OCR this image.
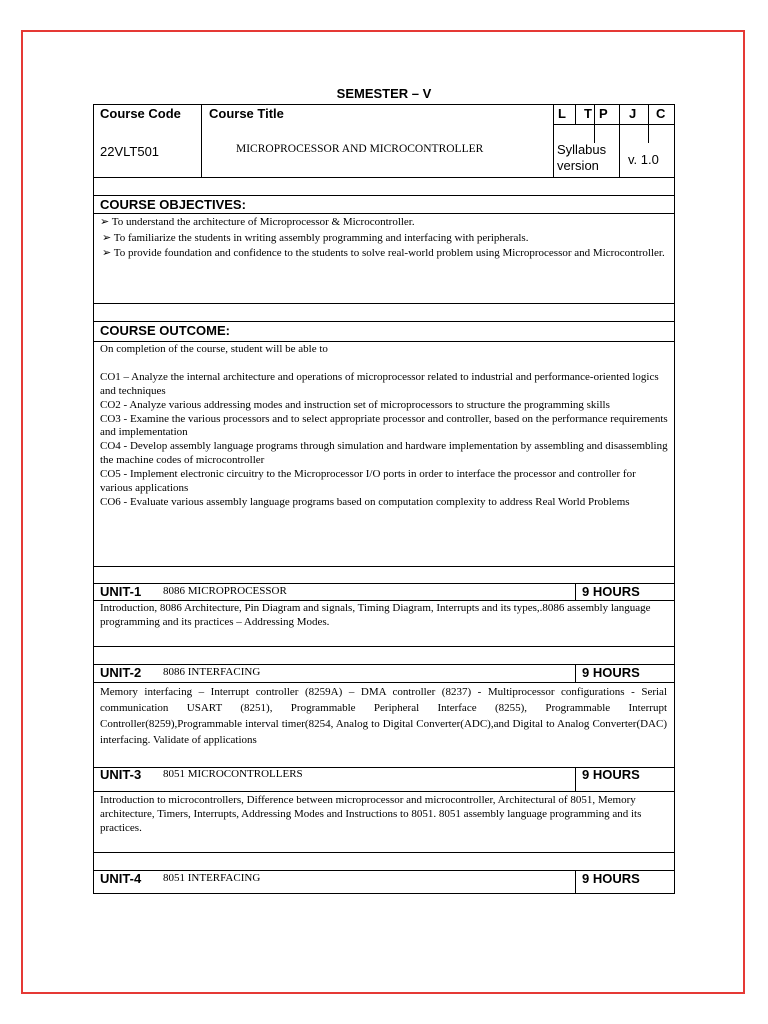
SEMESTER – V
Course Code Course Title	L T P J C
22VLT501	MICROPROCESSOR AND MICROCONTROLLER	Syllabus version	v. 1.0
COURSE OBJECTIVES:

➢ To understand the architecture of Microprocessor & Microcontroller.

➢ To familiarize the students in writing assembly programming and interfacing with peripherals.

➢ To provide foundation and confidence to the students to solve real-world problem using Microprocessor and Microcontroller.

COURSE OUTCOME:

On completion of the course, student will be able to

CO1 – Analyze the internal architecture and operations of microprocessor related to industrial and performance-oriented logics and techniques

CO2 - Analyze various addressing modes and instruction set of microprocessors to structure the programming skills

CO3 - Examine the various processors and to select appropriate processor and controller, based on the performance requirements and implementation

CO4 - Develop assembly language programs through simulation and hardware implementation by assembling and disassembling the machine codes of microcontroller

CO5 - Implement electronic circuitry to the Microprocessor I/O ports in order to interface the processor and controller for various applications

CO6 - Evaluate various assembly language programs based on computation complexity to address Real World Problems

UNIT-1 8086 MICROPROCESSOR	9 HOURS
Introduction, 8086 Architecture, Pin Diagram and signals, Timing Diagram, Interrupts and its types,.8086 assembly language programming and its practices – Addressing Modes.
UNIT-2 8086 INTERFACING	9 HOURS
Memory interfacing – Interrupt controller (8259A) – DMA controller (8237) - Multiprocessor configurations - Serial communication USART (8251), Programmable Peripheral Interface (8255), Programmable Interrupt Controller(8259),Programmable interval timer(8254, Analog to Digital Converter(ADC),and Digital to Analog Converter(DAC) interfacing. Validate of applications
UNIT-3 8051 MICROCONTROLLERS	9 HOURS
Introduction to microcontrollers, Difference between microprocessor and microcontroller, Architectural of 8051, Memory architecture, Timers, Interrupts, Addressing Modes and Instructions to 8051. 8051 assembly language programming and its practices.
UNIT-4 8051 INTERFACING	9 HOURS
